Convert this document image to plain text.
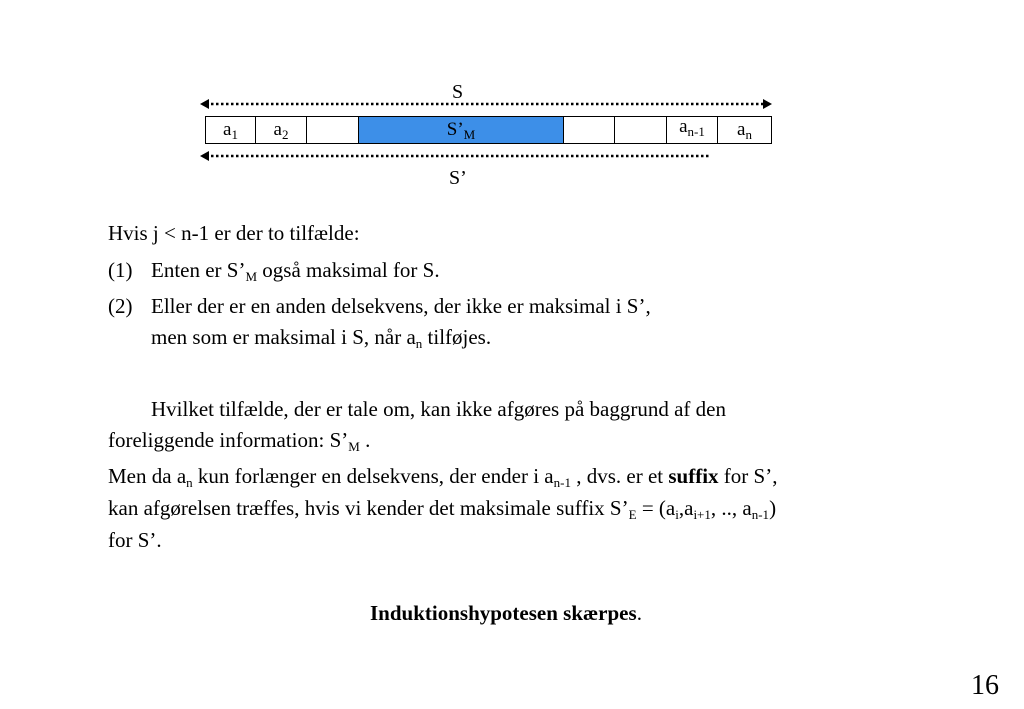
S
$a_1$	$a_2$	$S’_M$	$a_{n-1}$	$a_n$
S’
Hvis j < n-1 er der to tilfælde:
(1) Enten er $S’_M$ også maksimal for S.
(2) Eller der er en anden delsekvens, der ikke er maksimal i S’,
men som er maksimal i S, når $a_n$ tilføjes.
Hvilket tilfælde, der er tale om, kan ikke afgøres på baggrund af den
foreliggende information: $S’_M$ .
Men da $a_n$ kun forlænger en delsekvens, der ender i $a_{n-1}$ , dvs. er et suffix for S’,
kan afgørelsen træffes, hvis vi kender det maksimale suffix $S’_E = (a_i,a_{i+1}$, .., $a_{n-1}$)
for S’.
Induktionshypotesen skærpes.
16
